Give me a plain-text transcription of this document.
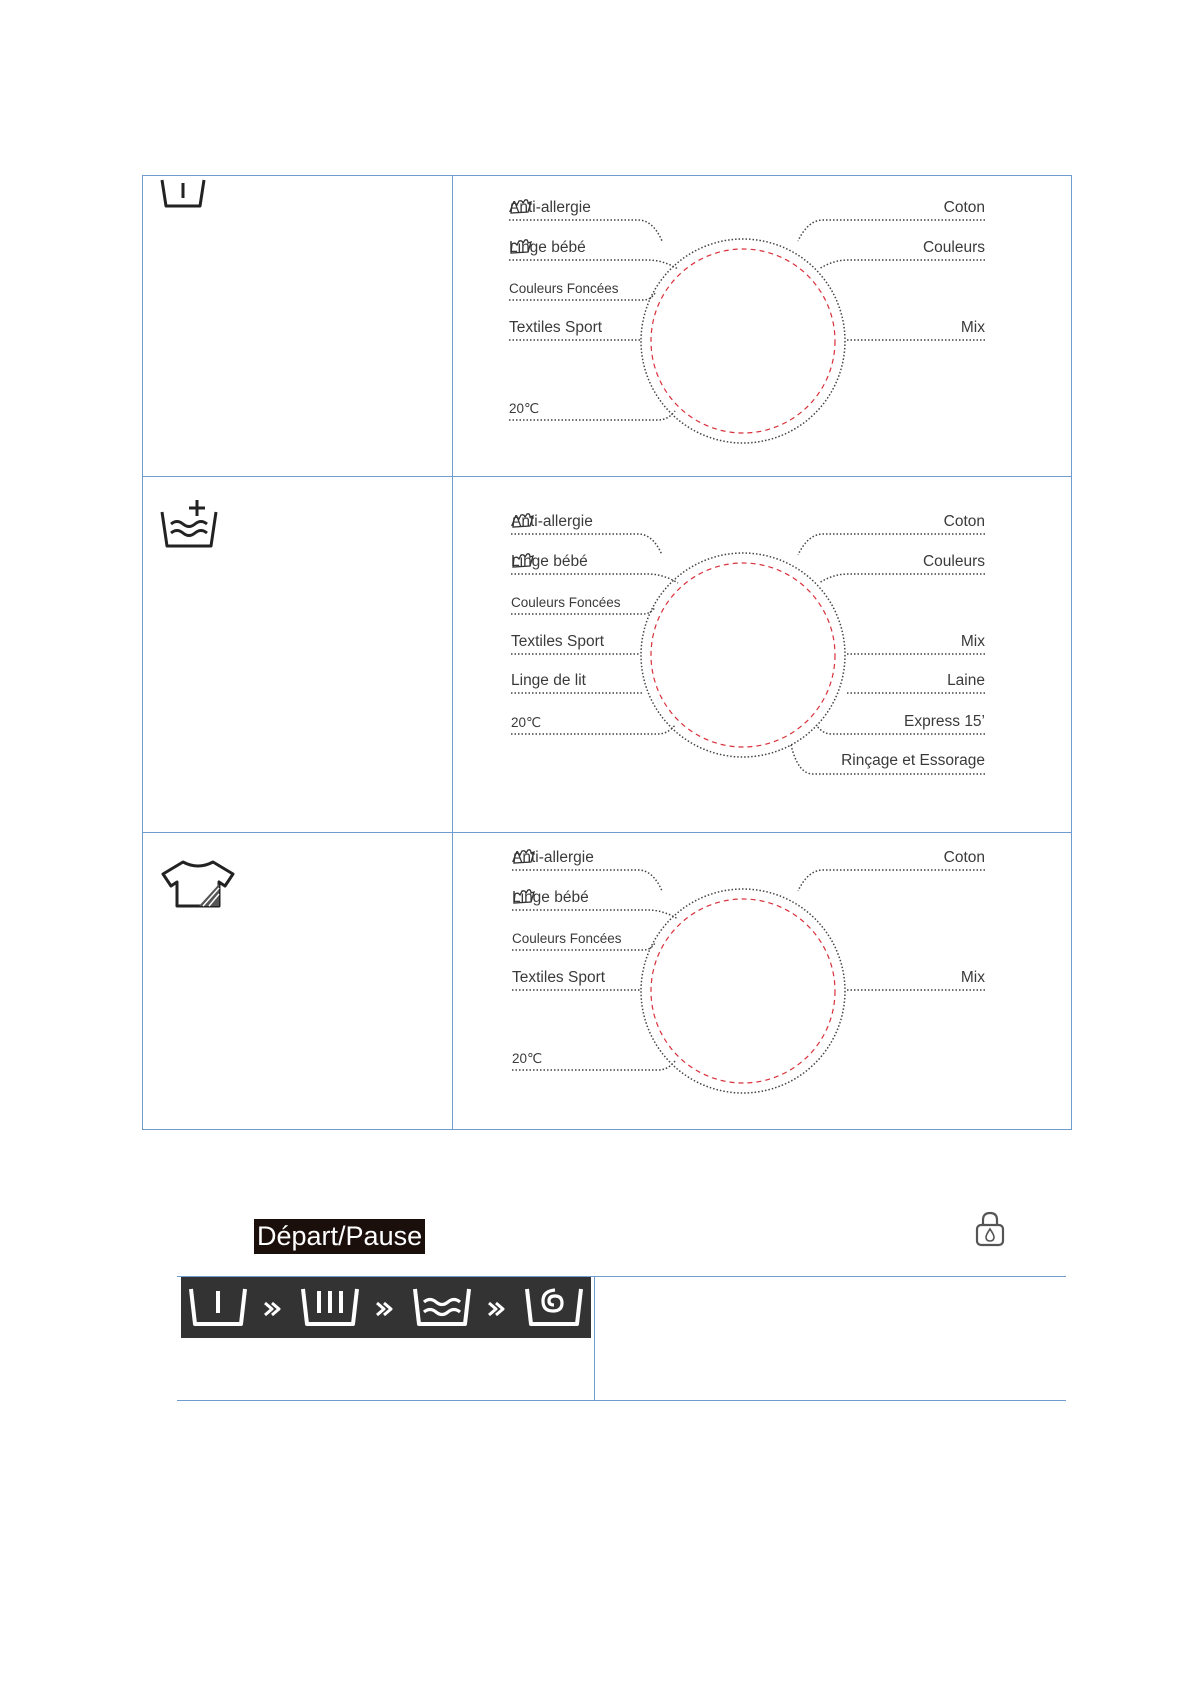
Anti-allergie
Linge bébé
Couleurs Foncées
Textiles Sport
20℃
Coton
Couleurs
Mix
Anti-allergie
Linge bébé
Couleurs Foncées
Textiles Sport
Linge de lit
20℃
Coton
Couleurs
Mix
Laine
Express 15’
Rinçage et Essorage
Anti-allergie
Linge bébé
Couleurs Foncées
Textiles Sport
20℃
Coton
Mix
Départ/Pause
